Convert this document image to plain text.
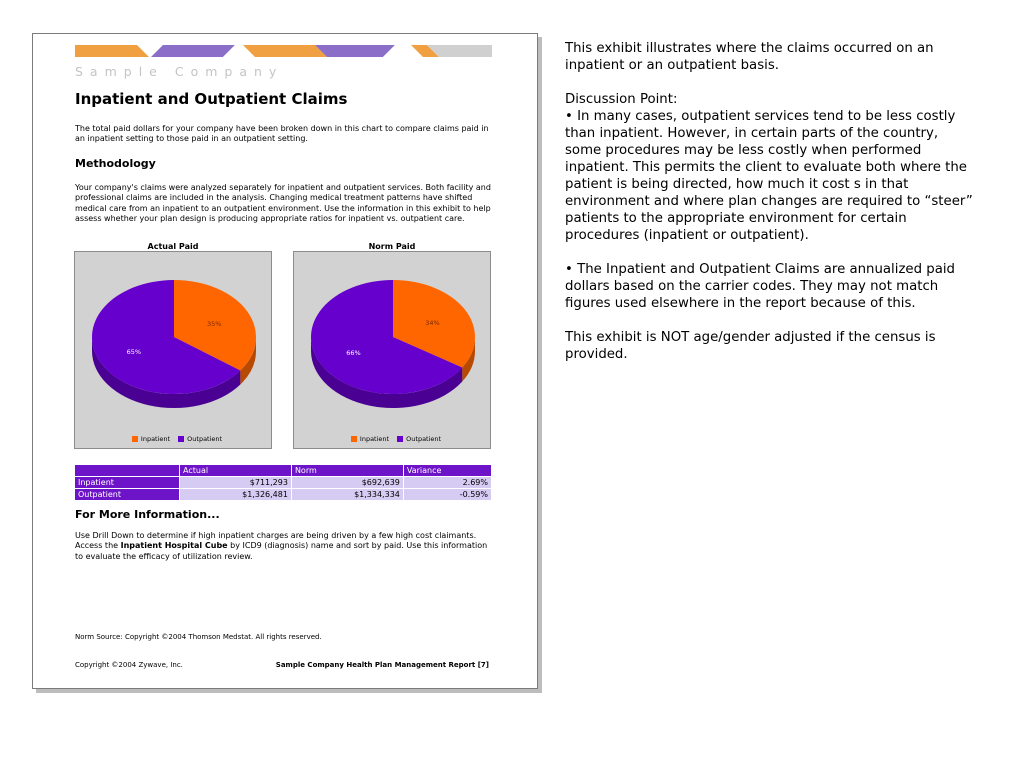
Sample Company
Inpatient and Outpatient Claims
The total paid dollars for your company have been broken down in this chart to compare claims paid in an inpatient setting to those paid in an outpatient setting.
Methodology
Your company's claims were analyzed separately for inpatient and outpatient services. Both facility and professional claims are included in the analysis. Changing medical treatment patterns have shifted medical care from an inpatient to an outpatient environment. Use the information in this exhibit to help assess whether your plan design is producing appropriate ratios for inpatient vs. outpatient care.
Actual Paid
35%
65%
Inpatient	Outpatient
Norm Paid
34%
66%
Inpatient	Outpatient
	Actual	Norm	Variance
Inpatient	$711,293	$692,639	2.69%
Outpatient	$1,326,481	$1,334,334	-0.59%
For More Information...
Use Drill Down to determine if high inpatient charges are being driven by a few high cost claimants. Access the Inpatient Hospital Cube by ICD9 (diagnosis) name and sort by paid. Use this information to evaluate the efficacy of utilization review.
Norm Source: Copyright ©2004 Thomson Medstat. All rights reserved.
Copyright ©2004 Zywave, Inc.	Sample Company Health Plan Management Report [7]

This exhibit illustrates where the claims occurred on an inpatient or an outpatient basis.

Discussion Point:
• In many cases, outpatient services tend to be less costly than inpatient. However, in certain parts of the country, some procedures may be less costly when performed inpatient. This permits the client to evaluate both where the patient is being directed, how much it cost s in that environment and where plan changes are required to “steer” patients to the appropriate environment for certain procedures (inpatient or outpatient).

• The Inpatient and Outpatient Claims are annualized paid dollars based on the carrier codes. They may not match figures used elsewhere in the report because of this.

This exhibit is NOT age/gender adjusted if the census is provided.
